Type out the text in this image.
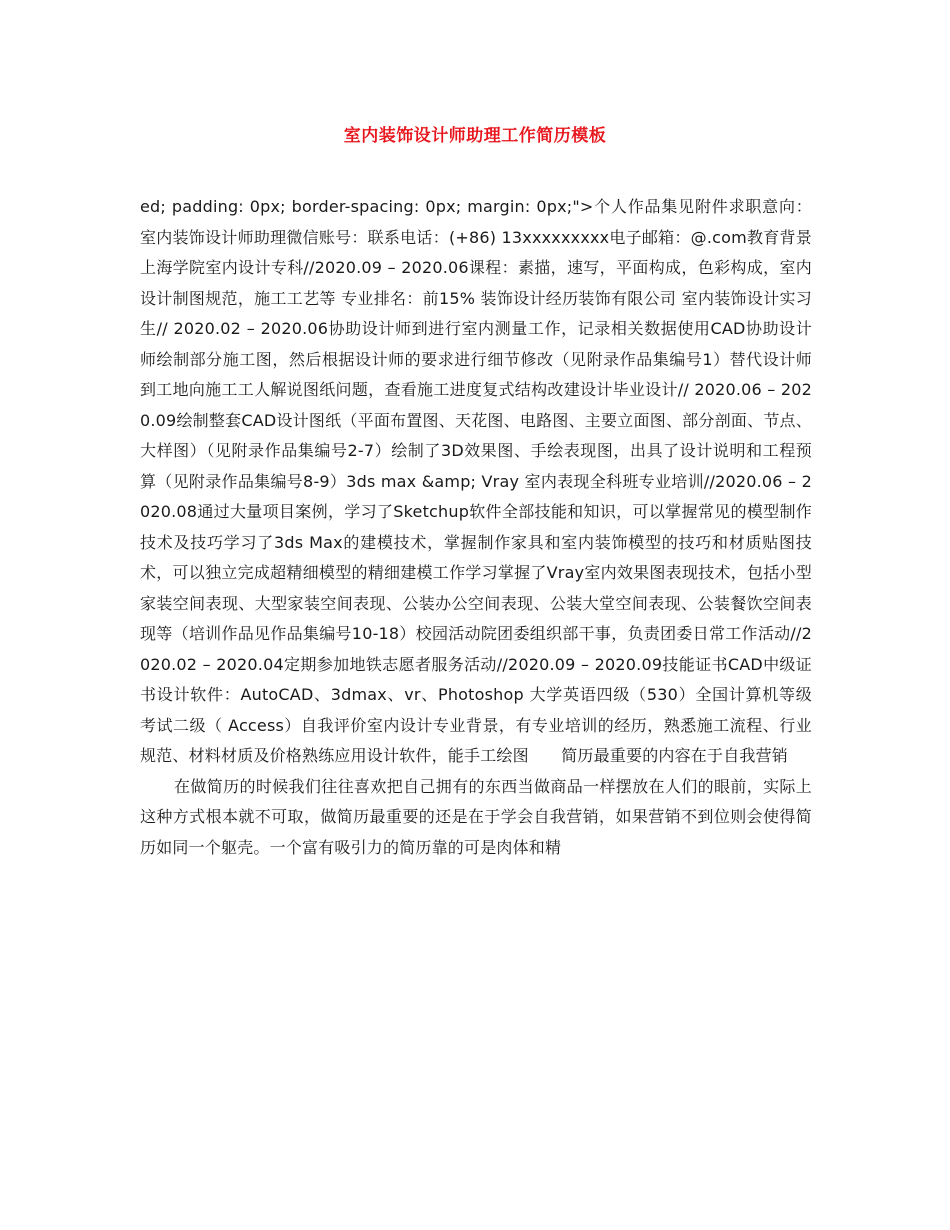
室内装饰设计师助理工作简历模板

ed; padding: 0px; border-spacing: 0px; margin: 0px;">个人作品集见附件求职意向：室内装饰设计师助理微信账号：联系电话：(+86) 13xxxxxxxxx电子邮箱：@.com教育背景上海学院室内设计专科//2020.09 – 2020.06课程：素描，速写，平面构成，色彩构成，室内设计制图规范，施工工艺等 专业排名：前15% 装饰设计经历装饰有限公司 室内装饰设计实习生// 2020.02 – 2020.06协助设计师到进行室内测量工作，记录相关数据使用CAD协助设计师绘制部分施工图，然后根据设计师的要求进行细节修改（见附录作品集编号1）替代设计师到工地向施工工人解说图纸问题，查看施工进度复式结构改建设计毕业设计// 2020.06 – 2020.09绘制整套CAD设计图纸（平面布置图、天花图、电路图、主要立面图、部分剖面、节点、大样图）（见附录作品集编号2-7）绘制了3D效果图、手绘表现图，出具了设计说明和工程预算（见附录作品集编号8-9）3ds max &amp; Vray 室内表现全科班专业培训//2020.06 – 2020.08通过大量项目案例，学习了Sketchup软件全部技能和知识，可以掌握常见的模型制作技术及技巧学习了3ds Max的建模技术，掌握制作家具和室内装饰模型的技巧和材质贴图技术，可以独立完成超精细模型的精细建模工作学习掌握了Vray室内效果图表现技术，包括小型家装空间表现、大型家装空间表现、公装办公空间表现、公装大堂空间表现、公装餐饮空间表现等（培训作品见作品集编号10-18）校园活动院团委组织部干事，负责团委日常工作活动//2020.02 – 2020.04定期参加地铁志愿者服务活动//2020.09 – 2020.09技能证书CAD中级证书设计软件：AutoCAD、3dmax、vr、Photoshop 大学英语四级（530）全国计算机等级考试二级（ Access）自我评价室内设计专业背景，有专业培训的经历，熟悉施工流程、行业规范、材料材质及价格熟练应用设计软件，能手工绘图　　简历最重要的内容在于自我营销

在做简历的时候我们往往喜欢把自己拥有的东西当做商品一样摆放在人们的眼前，实际上这种方式根本就不可取，做简历最重要的还是在于学会自我营销，如果营销不到位则会使得简历如同一个躯壳。一个富有吸引力的简历靠的可是肉体和精
